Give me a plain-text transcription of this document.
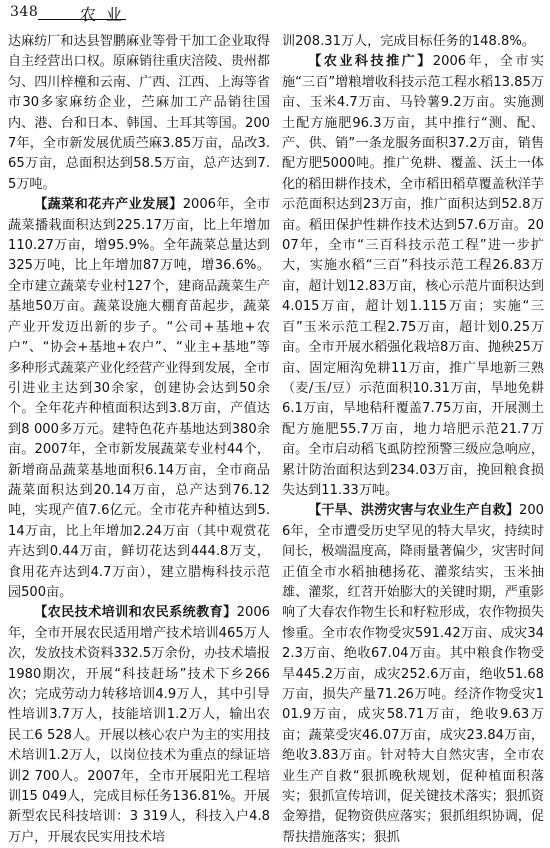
348	农业

达麻纺厂和达县智鹏麻业等骨干加工企业取得自主经营出口权。原麻销往重庆涪陵、贵州都匀、四川梓橦和云南、广西、江西、上海等省市30多家麻纺企业，苎麻加工产品销往国内、港、台和日本、韩国、土耳其等国。2007年，全市新发展优质苎麻3.85万亩，品改3.65万亩，总面积达到58.5万亩，总产达到7.5万吨。

【蔬菜和花卉产业发展】2006年，全市蔬菜播栽面积达到225.17万亩，比上年增加110.27万亩，增95.9%。全年蔬菜总量达到325万吨，比上年增加87万吨，增36.6%。全市建立蔬菜专业村127个，建商品蔬菜生产基地50万亩。蔬菜设施大棚育苗起步，蔬菜产业开发迈出新的步子。“公司+基地+农户”、“协会+基地+农户”、“业主+基地”等多种形式蔬菜产业化经营产业得到发展，全市引进业主达到30余家，创建协会达到50余个。全年花卉种植面积达到3.8万亩，产值达到8 000多万元。建特色花卉基地达到380余亩。2007年，全市新发展蔬菜专业村44个，新增商品蔬菜基地面积6.14万亩，全市商品蔬菜面积达到20.14万亩，总产达到76.12吨，实现产值7.6亿元。全市花卉种植达到5.14万亩，比上年增加2.24万亩（其中观赏花卉达到0.44万亩，鲜切花达到444.8万支，食用花卉达到4.7万亩），建立腊梅科技示范园500亩。

【农民技术培训和农民系统教育】2006年，全市开展农民适用增产技术培训465万人次，发放技术资料332.5万余份，办技术墙报1980期次，开展“科技赶场”技术下乡266次；完成劳动力转移培训4.9万人，其中引导性培训3.7万人，技能培训1.2万人，输出农民工6 528人。开展以核心农户为主的实用技术培训1.2万人，以岗位技术为重点的绿证培训2 700人。2007年，全市开展阳光工程培训15 049人，完成目标任务136.81%。开展新型农民科技培训：3 319人，科技入户4.8万户，开展农民实用技术培

训208.31万人，完成目标任务的148.8%。

【农业科技推广】2006年，全市实施“三百”增粮增收科技示范工程水稻13.85万亩、玉米4.7万亩、马铃薯9.2万亩。实施测土配方施肥96.3万亩，其中推行“测、配、产、供、销”一条龙服务面积37.2万亩，销售配方肥5000吨。推广免耕、覆盖、沃土一体化的稻田耕作技术，全市稻田稻草覆盖秋洋芋示范面积达到23万亩，推广面积达到52.8万亩。稻田保护性耕作技术达到57.6万亩。2007年，全市“三百科技示范工程”进一步扩大，实施水稻“三百”科技示范工程26.83万亩，超计划12.83万亩，核心示范片面积达到4.015万亩，超计划1.115万亩；实施“三百”玉米示范工程2.75万亩，超计划0.25万亩。全市开展水稻强化栽培8万亩、抛秧25万亩、固定厢沟免耕11万亩，推广旱地新三熟（麦/玉/豆）示范面积10.31万亩，旱地免耕6.1万亩，旱地秸秆覆盖7.75万亩，开展测土配方施肥55.7万亩，地力培肥示范21.7万亩。全市启动稻飞虱防控预警三级应急响应，累计防治面积达到234.03万亩，挽回粮食损失达到11.33万吨。

【干旱、洪涝灾害与农业生产自救】2006年，全市遭受历史罕见的特大旱灾，持续时间长，极端温度高，降雨量著偏少，灾害时间正值全市水稻抽穗扬花、灌浆结实，玉米抽雄、灌浆，红苕开始膨大的关键时期，严重影响了大春农作物生长和籽粒形成，农作物损失惨重。全市农作物受灾591.42万亩、成灾342.3万亩、绝收67.04万亩。其中粮食作物受旱445.2万亩，成灾252.6万亩，绝收51.68万亩，损失产量71.26万吨。经济作物受灾101.9万亩，成灾58.71万亩，绝收9.63万亩；蔬菜受灾46.07万亩，成灾23.84万亩，绝收3.83万亩。针对特大自然灾害，全市农业生产自救“狠抓晚秋规划，促种植面积落实；狠抓宣传培训，促关键技术落实；狠抓资金筹措，促物资供应落实；狠抓组织协调，促帮扶措施落实；狠抓
